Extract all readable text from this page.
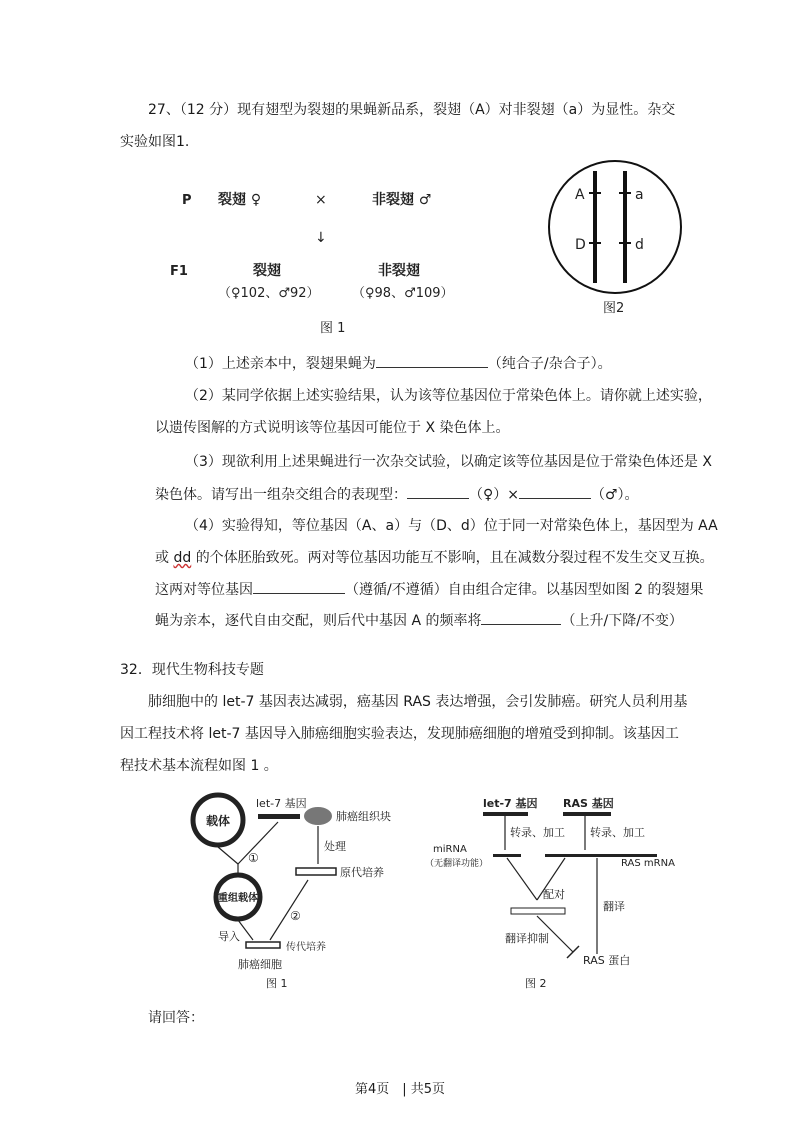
27、（12 分）现有翅型为裂翅的果蝇新品系，裂翅（A）对非裂翅（a）为显性。杂交
实验如图1.
P 裂翅 ♀	×	非裂翅 ♂
↓
F1	裂翅
（♀102、♂92）
非裂翅
（♀98、♂109）
图 1
A	a
D	d
图2
（1）上述亲本中，裂翅果蝇为	（纯合子/杂合子）。
（2）某同学依据上述实验结果，认为该等位基因位于常染色体上。请你就上述实验，
以遗传图解的方式说明该等位基因可能位于 X 染色体上。
（3）现欲利用上述果蝇进行一次杂交试验，以确定该等位基因是位于常染色体还是 X
染色体。请写出一组杂交组合的表现型：	（♀）×	（♂）。
（4）实验得知，等位基因（A、a）与（D、d）位于同一对常染色体上，基因型为 AA
或 dd 的个体胚胎致死。两对等位基因功能互不影响，且在减数分裂过程不发生交叉互换。
这两对等位基因	（遵循/不遵循）自由组合定律。以基因型如图 2 的裂翅果
蝇为亲本，逐代自由交配，则后代中基因 A 的频率将	（上升/下降/不变）
32．现代生物科技专题
肺细胞中的 let-7 基因表达减弱，癌基因 RAS 表达增强，会引发肺癌。研究人员利用基
因工程技术将 let-7 基因导入肺癌细胞实验表达，发现肺癌细胞的增殖受到抑制。该基因工
程技术基本流程如图 1 。
载体
let-7 基因
肺癌组织块
①
处理
重组载体
原代培养
导入
②
传代培养
肺癌细胞
图 1
let-7 基因 RAS 基因
转录、加工 转录、加工
miRNA
（无翻译功能）	RAS mRNA
配对
翻译
翻译抑制
RAS 蛋白
图 2
请回答：
第4页　| 共5页
